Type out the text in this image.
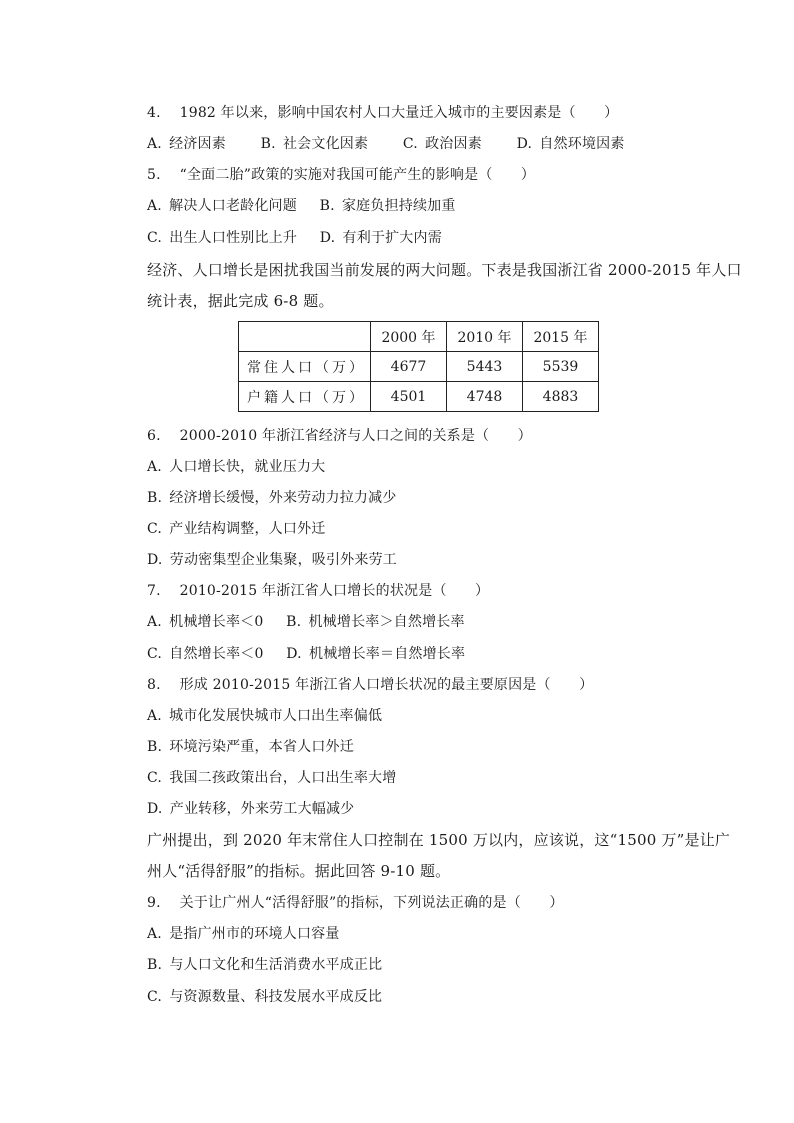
4.  1982 年以来，影响中国农村人口大量迁入城市的主要因素是（　　）
A. 经济因素 B. 社会文化因素 C. 政治因素 D. 自然环境因素
5.  “全面二胎”政策的实施对我国可能产生的影响是（　　）
A. 解决人口老龄化问题 B. 家庭负担持续加重
C. 出生人口性别比上升 D. 有利于扩大内需
经济、人口增长是困扰我国当前发展的两大问题。下表是我国浙江省 2000-2015 年人口
统计表，据此完成 6-8 题。
	2000 年	2010 年	2015 年
常住人口（万）	4677	5443	5539
户籍人口（万）	4501	4748	4883
6.  2000-2010 年浙江省经济与人口之间的关系是（　　）
A. 人口增长快，就业压力大
B. 经济增长缓慢，外来劳动力拉力减少
C. 产业结构调整，人口外迁
D. 劳动密集型企业集聚，吸引外来劳工
7.  2010-2015 年浙江省人口增长的状况是（　　）
A. 机械增长率＜0 B. 机械增长率＞自然增长率
C. 自然增长率＜0 D. 机械增长率＝自然增长率
8.  形成 2010-2015 年浙江省人口增长状况的最主要原因是（　　）
A. 城市化发展快城市人口出生率偏低
B. 环境污染严重，本省人口外迁
C. 我国二孩政策出台，人口出生率大增
D. 产业转移，外来劳工大幅减少
广州提出，到 2020 年末常住人口控制在 1500 万以内，应该说，这“1500 万”是让广
州人“活得舒服”的指标。据此回答 9-10 题。
9.  关于让广州人“活得舒服”的指标，下列说法正确的是（　　）
A. 是指广州市的环境人口容量
B. 与人口文化和生活消费水平成正比
C. 与资源数量、科技发展水平成反比
